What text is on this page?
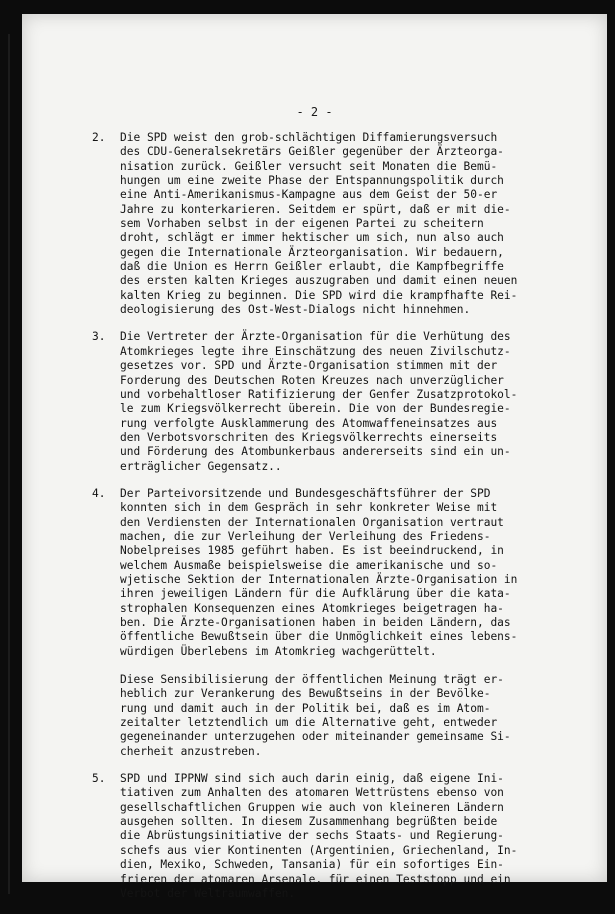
- 2 -
2. Die SPD weist den grob-schlächtigen Diffamierungsversuch
des CDU-Generalsekretärs Geißler gegenüber der Ärzteorga-
nisation zurück. Geißler versucht seit Monaten die Bemü-
hungen um eine zweite Phase der Entspannungspolitik durch
eine Anti-Amerikanismus-Kampagne aus dem Geist der 50-er
Jahre zu konterkarieren. Seitdem er spürt, daß er mit die-
sem Vorhaben selbst in der eigenen Partei zu scheitern
droht, schlägt er immer hektischer um sich, nun also auch
gegen die Internationale Ärzteorganisation. Wir bedauern,
daß die Union es Herrn Geißler erlaubt, die Kampfbegriffe
des ersten kalten Krieges auszugraben und damit einen neuen
kalten Krieg zu beginnen. Die SPD wird die krampfhafte Rei-
deologisierung des Ost-West-Dialogs nicht hinnehmen.

3. Die Vertreter der Ärzte-Organisation für die Verhütung des
Atomkrieges legte ihre Einschätzung des neuen Zivilschutz-
gesetzes vor. SPD und Ärzte-Organisation stimmen mit der
Forderung des Deutschen Roten Kreuzes nach unverzüglicher
und vorbehaltloser Ratifizierung der Genfer Zusatzprotokol-
le zum Kriegsvölkerrecht überein. Die von der Bundesregie-
rung verfolgte Ausklammerung des Atomwaffeneinsatzes aus
den Verbotsvorschriten des Kriegsvölkerrechts einerseits
und Förderung des Atombunkerbaus andererseits sind ein un-
erträglicher Gegensatz..

4. Der Parteivorsitzende und Bundesgeschäftsführer der SPD
konnten sich in dem Gespräch in sehr konkreter Weise mit
den Verdiensten der Internationalen Organisation vertraut
machen, die zur Verleihung der Verleihung des Friedens-
Nobelpreises 1985 geführt haben. Es ist beeindruckend, in
welchem Ausmaße beispielsweise die amerikanische und so-
wjetische Sektion der Internationalen Ärzte-Organisation in
ihren jeweiligen Ländern für die Aufklärung über die kata-
strophalen Konsequenzen eines Atomkrieges beigetragen ha-
ben. Die Ärzte-Organisationen haben in beiden Ländern, das
öffentliche Bewußtsein über die Unmöglichkeit eines lebens-
würdigen Überlebens im Atomkrieg wachgerüttelt.

Diese Sensibilisierung der öffentlichen Meinung trägt er-
heblich zur Verankerung des Bewußtseins in der Bevölke-
rung und damit auch in der Politik bei, daß es im Atom-
zeitalter letztendlich um die Alternative geht, entweder
gegeneinander unterzugehen oder miteinander gemeinsame Si-
cherheit anzustreben.

5. SPD und IPPNW sind sich auch darin einig, daß eigene Ini-
tiativen zum Anhalten des atomaren Wettrüstens ebenso von
gesellschaftlichen Gruppen wie auch von kleineren Ländern
ausgehen sollten. In diesem Zusammenhang begrüßten beide
die Abrüstungsinitiative der sechs Staats- und Regierung-
schefs aus vier Kontinenten (Argentinien, Griechenland, In-
dien, Mexiko, Schweden, Tansania) für ein sofortiges Ein-
frieren der atomaren Arsenale, für einen Teststopp und ein
Verbot der Weltraumwaffen.
